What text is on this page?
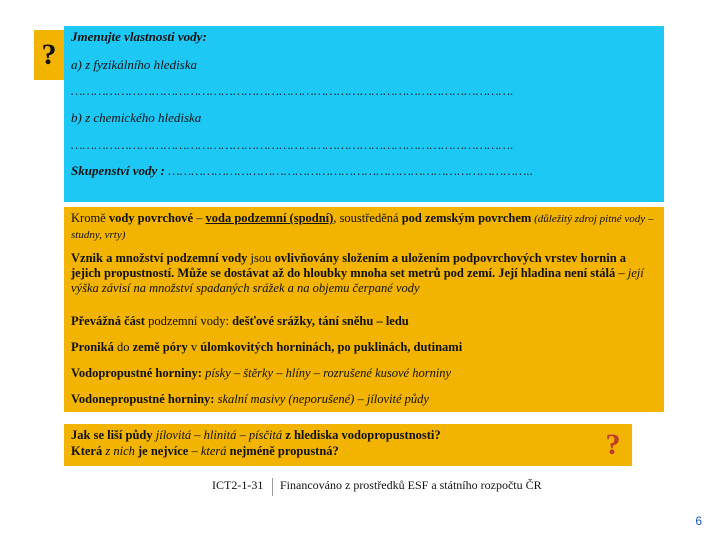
?
Jmenujte vlastnosti vody:
a) z fyzikálního hlediska
…………………………………………………………………………………………………….
b) z chemického hlediska
…………………………………………………………………………………………………….
Skupenství vody : …………………………………………………………………………………..
Kromě vody povrchové – voda podzemní (spodní), soustředěná pod zemským povrchem (důležitý zdroj pitné vody – studny, vrty)
Vznik a množství podzemní vody jsou ovlivňovány složením a uložením podpovrchových vrstev hornin a jejich propustností. Může se dostávat až do hloubky mnoha set metrů pod zemí. Její hladina není stálá – její výška závisí na množství spadaných srážek a na objemu čerpané vody
Převážná část podzemní vody: dešťové srážky, tání sněhu – ledu
Proniká do země póry v úlomkovitých horninách, po puklinách, dutinami
Vodopropustné horniny: písky – štěrky – hlíny – rozrušené kusové horniny
Vodonepropustné horniny: skalní masivy (neporušené) – jílovité půdy
Jak se liší půdy jílovitá – hlinitá – písčitá z hlediska vodopropustnosti?
Která z nich je nejvíce – která nejméně propustná?	?
ICT2-1-31 Financováno z prostředků ESF a státního rozpočtu ČR
6
